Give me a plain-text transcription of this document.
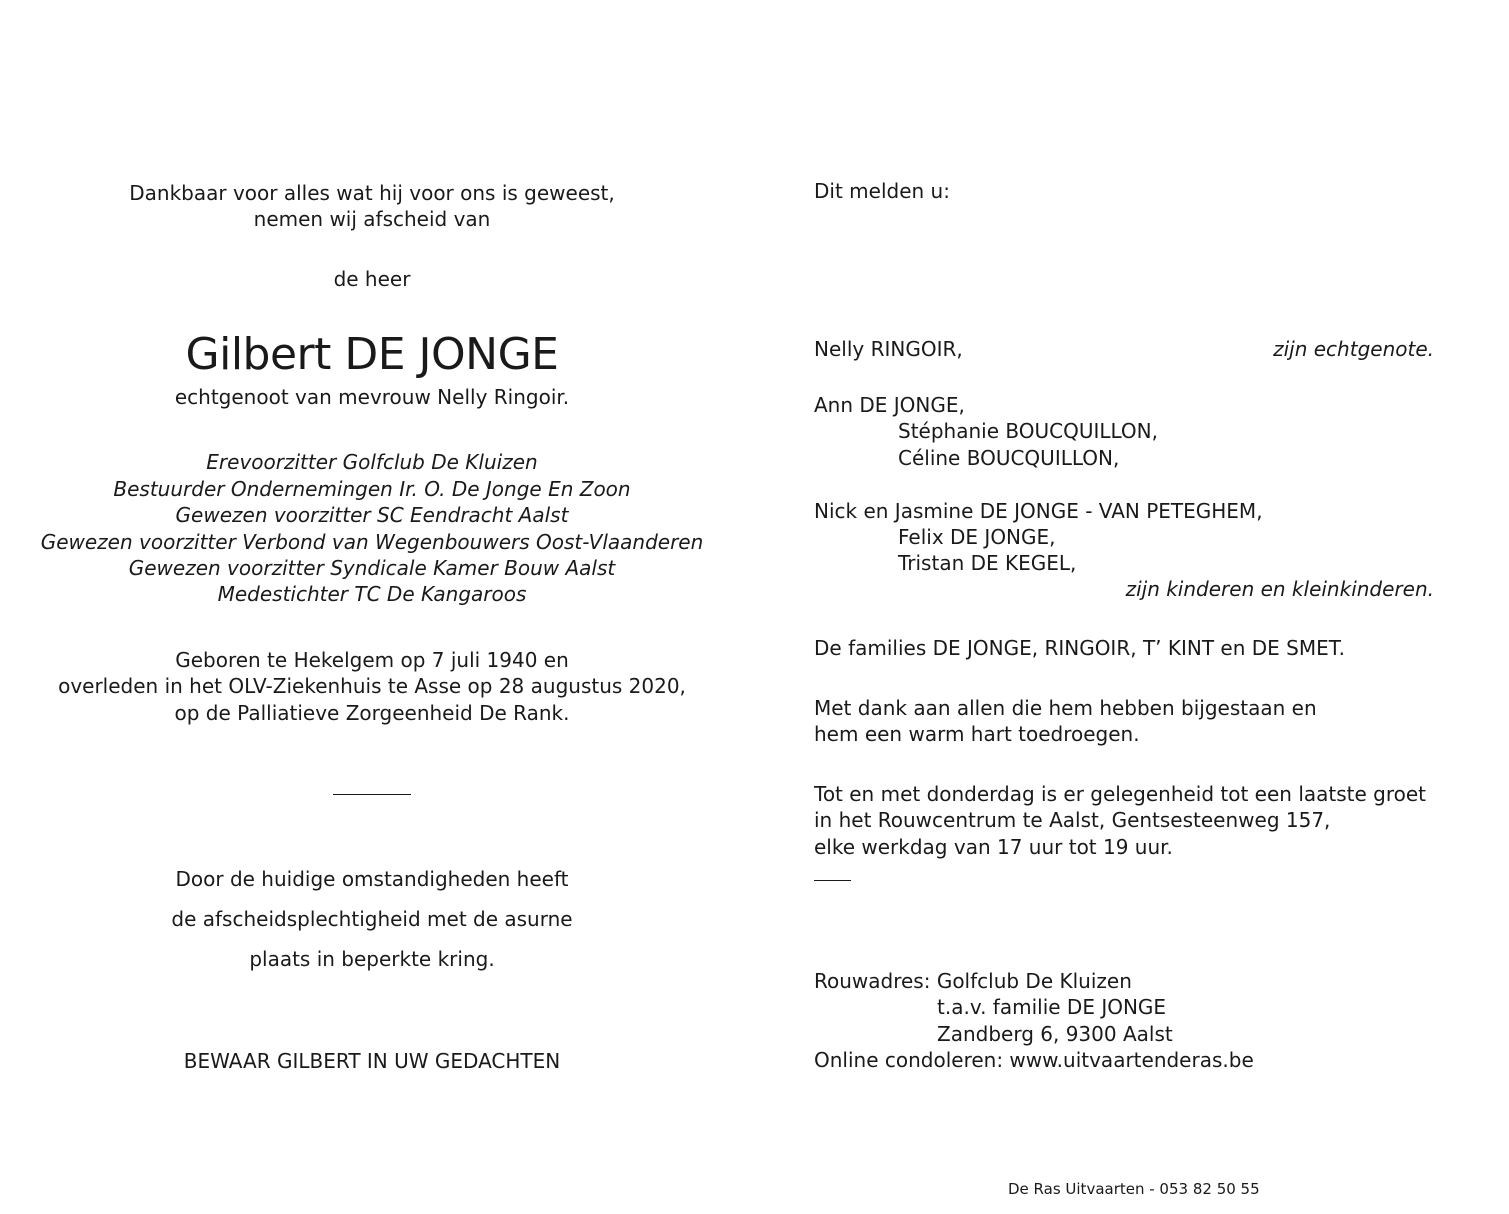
Dankbaar voor alles wat hij voor ons is geweest,
nemen wij afscheid van
de heer
Gilbert DE JONGE
echtgenoot van mevrouw Nelly Ringoir.
Erevoorzitter Golfclub De Kluizen
Bestuurder Ondernemingen Ir. O. De Jonge En Zoon
Gewezen voorzitter SC Eendracht Aalst
Gewezen voorzitter Verbond van Wegenbouwers Oost-Vlaanderen
Gewezen voorzitter Syndicale Kamer Bouw Aalst
Medestichter TC De Kangaroos
Geboren te Hekelgem op 7 juli 1940 en
overleden in het OLV-Ziekenhuis te Asse op 28 augustus 2020,
op de Palliatieve Zorgeenheid De Rank.
Door de huidige omstandigheden heeft
de afscheidsplechtigheid met de asurne
plaats in beperkte kring.
BEWAAR GILBERT IN UW GEDACHTEN
Dit melden u:
Nelly RINGOIR,	zijn echtgenote.
Ann DE JONGE,
Stéphanie BOUCQUILLON,
Céline BOUCQUILLON,
Nick en Jasmine DE JONGE - VAN PETEGHEM,
Felix DE JONGE,
Tristan DE KEGEL,
zijn kinderen en kleinkinderen.
De families DE JONGE, RINGOIR, T’ KINT en DE SMET.
Met dank aan allen die hem hebben bijgestaan en
hem een warm hart toedroegen.
Tot en met donderdag is er gelegenheid tot een laatste groet
in het Rouwcentrum te Aalst, Gentsesteenweg 157,
elke werkdag van 17 uur tot 19 uur.
Rouwadres: Golfclub De Kluizen
t.a.v. familie DE JONGE
Zandberg 6, 9300 Aalst
Online condoleren: www.uitvaartenderas.be
De Ras Uitvaarten - 053 82 50 55
